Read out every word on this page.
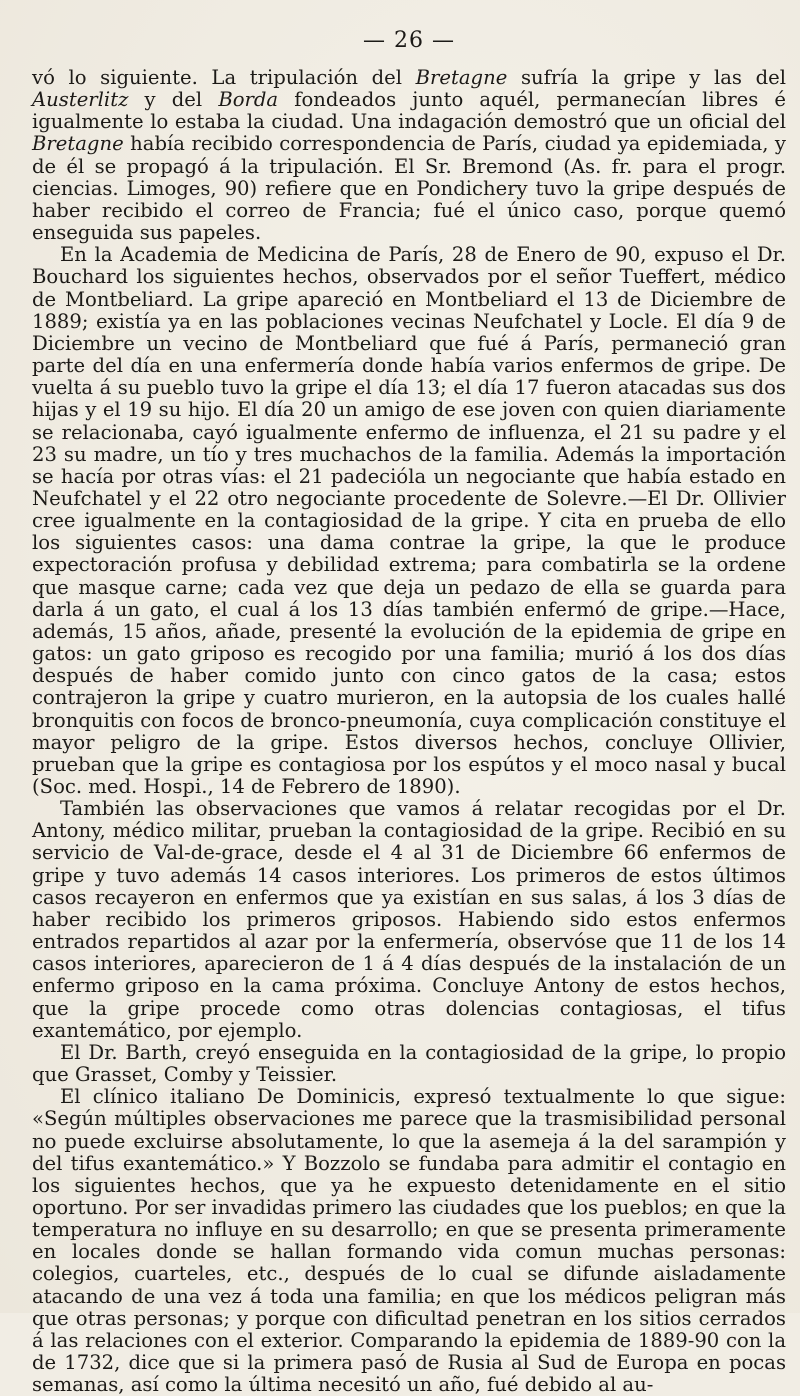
— 26 —

vó lo siguiente. La tripulación del Bretagne sufría la gripe y las del Austerlitz y del Borda fondeados junto aquél, permanecían libres é igualmente lo estaba la ciudad. Una indagación demostró que un oficial del Bretagne había recibido correspondencia de París, ciudad ya epidemiada, y de él se propagó á la tripulación. El Sr. Bremond (As. fr. para el progr. ciencias. Limoges, 90) refiere que en Pondichery tuvo la gripe después de haber recibido el correo de Francia; fué el único caso, porque quemó enseguida sus papeles.

En la Academia de Medicina de París, 28 de Enero de 90, expuso el Dr. Bouchard los siguientes hechos, observados por el señor Tueffert, médico de Montbeliard. La gripe apareció en Montbeliard el 13 de Diciembre de 1889; existía ya en las poblaciones vecinas Neufchatel y Locle. El día 9 de Diciembre un vecino de Montbeliard que fué á París, permaneció gran parte del día en una enfermería donde había varios enfermos de gripe. De vuelta á su pueblo tuvo la gripe el día 13; el día 17 fueron atacadas sus dos hijas y el 19 su hijo. El día 20 un amigo de ese joven con quien diariamente se relacionaba, cayó igualmente enfermo de influenza, el 21 su padre y el 23 su madre, un tío y tres muchachos de la familia. Además la importación se hacía por otras vías: el 21 padecióla un negociante que había estado en Neufchatel y el 22 otro negociante procedente de Solevre.—El Dr. Ollivier cree igualmente en la contagiosidad de la gripe. Y cita en prueba de ello los siguientes casos: una dama contrae la gripe, la que le produce expectoración profusa y debilidad extrema; para combatirla se la ordene que masque carne; cada vez que deja un pedazo de ella se guarda para darla á un gato, el cual á los 13 días también enfermó de gripe.—Hace, además, 15 años, añade, presenté la evolución de la epidemia de gripe en gatos: un gato griposo es recogido por una familia; murió á los dos días después de haber comido junto con cinco gatos de la casa; estos contrajeron la gripe y cuatro murieron, en la autopsia de los cuales hallé bronquitis con focos de bronco-pneumonía, cuya complicación constituye el mayor peligro de la gripe. Estos diversos hechos, concluye Ollivier, prueban que la gripe es contagiosa por los espútos y el moco nasal y bucal (Soc. med. Hospi., 14 de Febrero de 1890).

También las observaciones que vamos á relatar recogidas por el Dr. Antony, médico militar, prueban la contagiosidad de la gripe. Recibió en su servicio de Val-de-grace, desde el 4 al 31 de Diciembre 66 enfermos de gripe y tuvo además 14 casos interiores. Los primeros de estos últimos casos recayeron en enfermos que ya existían en sus salas, á los 3 días de haber recibido los primeros griposos. Habiendo sido estos enfermos entrados repartidos al azar por la enfermería, observóse que 11 de los 14 casos interiores, aparecieron de 1 á 4 días después de la instalación de un enfermo griposo en la cama próxima. Concluye Antony de estos hechos, que la gripe procede como otras dolencias contagiosas, el tifus exantemático, por ejemplo.

El Dr. Barth, creyó enseguida en la contagiosidad de la gripe, lo propio que Grasset, Comby y Teissier.

El clínico italiano De Dominicis, expresó textualmente lo que sigue: «Según múltiples observaciones me parece que la trasmisibilidad personal no puede excluirse absolutamente, lo que la asemeja á la del sarampión y del tifus exantemático.» Y Bozzolo se fundaba para admitir el contagio en los siguientes hechos, que ya he expuesto detenidamente en el sitio oportuno. Por ser invadidas primero las ciudades que los pueblos; en que la temperatura no influye en su desarrollo; en que se presenta primeramente en locales donde se hallan formando vida comun muchas personas: colegios, cuarteles, etc., después de lo cual se difunde aisladamente atacando de una vez á toda una familia; en que los médicos peligran más que otras personas; y porque con dificultad penetran en los sitios cerrados á las relaciones con el exterior. Comparando la epidemia de 1889-90 con la de 1732, dice que si la primera pasó de Rusia al Sud de Europa en pocas semanas, así como la última necesitó un año, fué debido al au-
